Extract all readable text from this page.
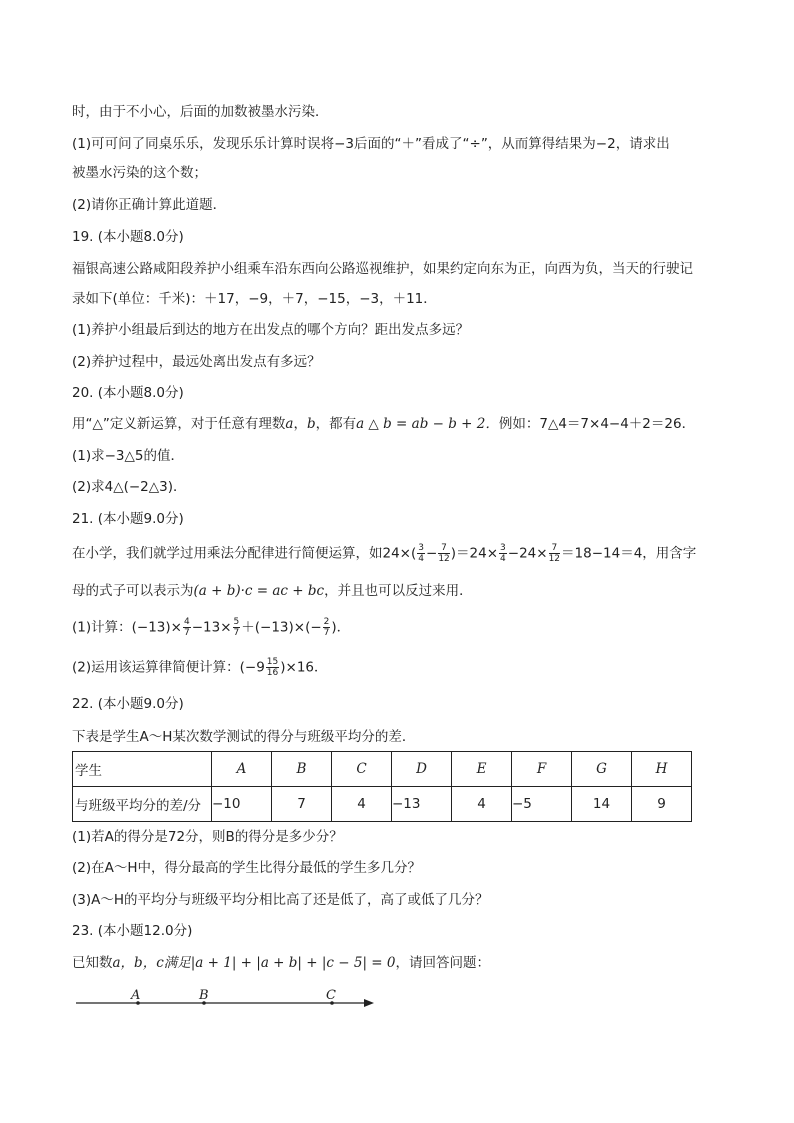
时，由于不小心，后面的加数被墨水污染．
(1)可可问了同桌乐乐，发现乐乐计算时误将−3后面的“＋”看成了“÷”，从而算得结果为−2，请求出
被墨水污染的这个数；
(2)请你正确计算此道题．
19. (本小题8.0分)
福银高速公路咸阳段养护小组乘车沿东西向公路巡视维护，如果约定向东为正，向西为负，当天的行驶记
录如下(单位：千米)：＋17，−9，＋7，−15，−3，＋11．
(1)养护小组最后到达的地方在出发点的哪个方向？距出发点多远？
(2)养护过程中，最远处离出发点有多远？
20. (本小题8.0分)
用“△”定义新运算，对于任意有理数a，b，都有a △ b = ab − b + 2．例如：7△4＝7×4−4＋2＝26．
(1)求−3△5的值．
(2)求4△(−2△3)．
21. (本小题9.0分)
在小学，我们就学过用乘法分配律进行简便运算，如$24\times( \frac{3}{4} - \frac{7}{12} )=24\times \frac{3}{4} -24\times \frac{7}{12} =18-14=4$，用含字
母的式子可以表示为(a + b)·c = ac + bc，并且也可以反过来用．
(1)计算：$(-13)\times \frac{4}{7} -13\times \frac{5}{7} +(-13)\times(- \frac{2}{7}$ )．
(2)运用该运算律简便计算：$(-9 \frac{15}{16} )\times 16$．
22. (本小题9.0分)
下表是学生A～H某次数学测试的得分与班级平均分的差．
学生	A	B	C	D	E	F	G	H
与班级平均分的差/分	−10	7	4	−13	4	−5	14	9
(1)若A的得分是72分，则B的得分是多少分？
(2)在A～H中，得分最高的学生比得分最低的学生多几分？
(3)A～H的平均分与班级平均分相比高了还是低了，高了或低了几分？
23. (本小题12.0分)
已知数a，b，c满足|a + 1| + |a + b| + |c − 5| = 0，请回答问题：
A	B	C
